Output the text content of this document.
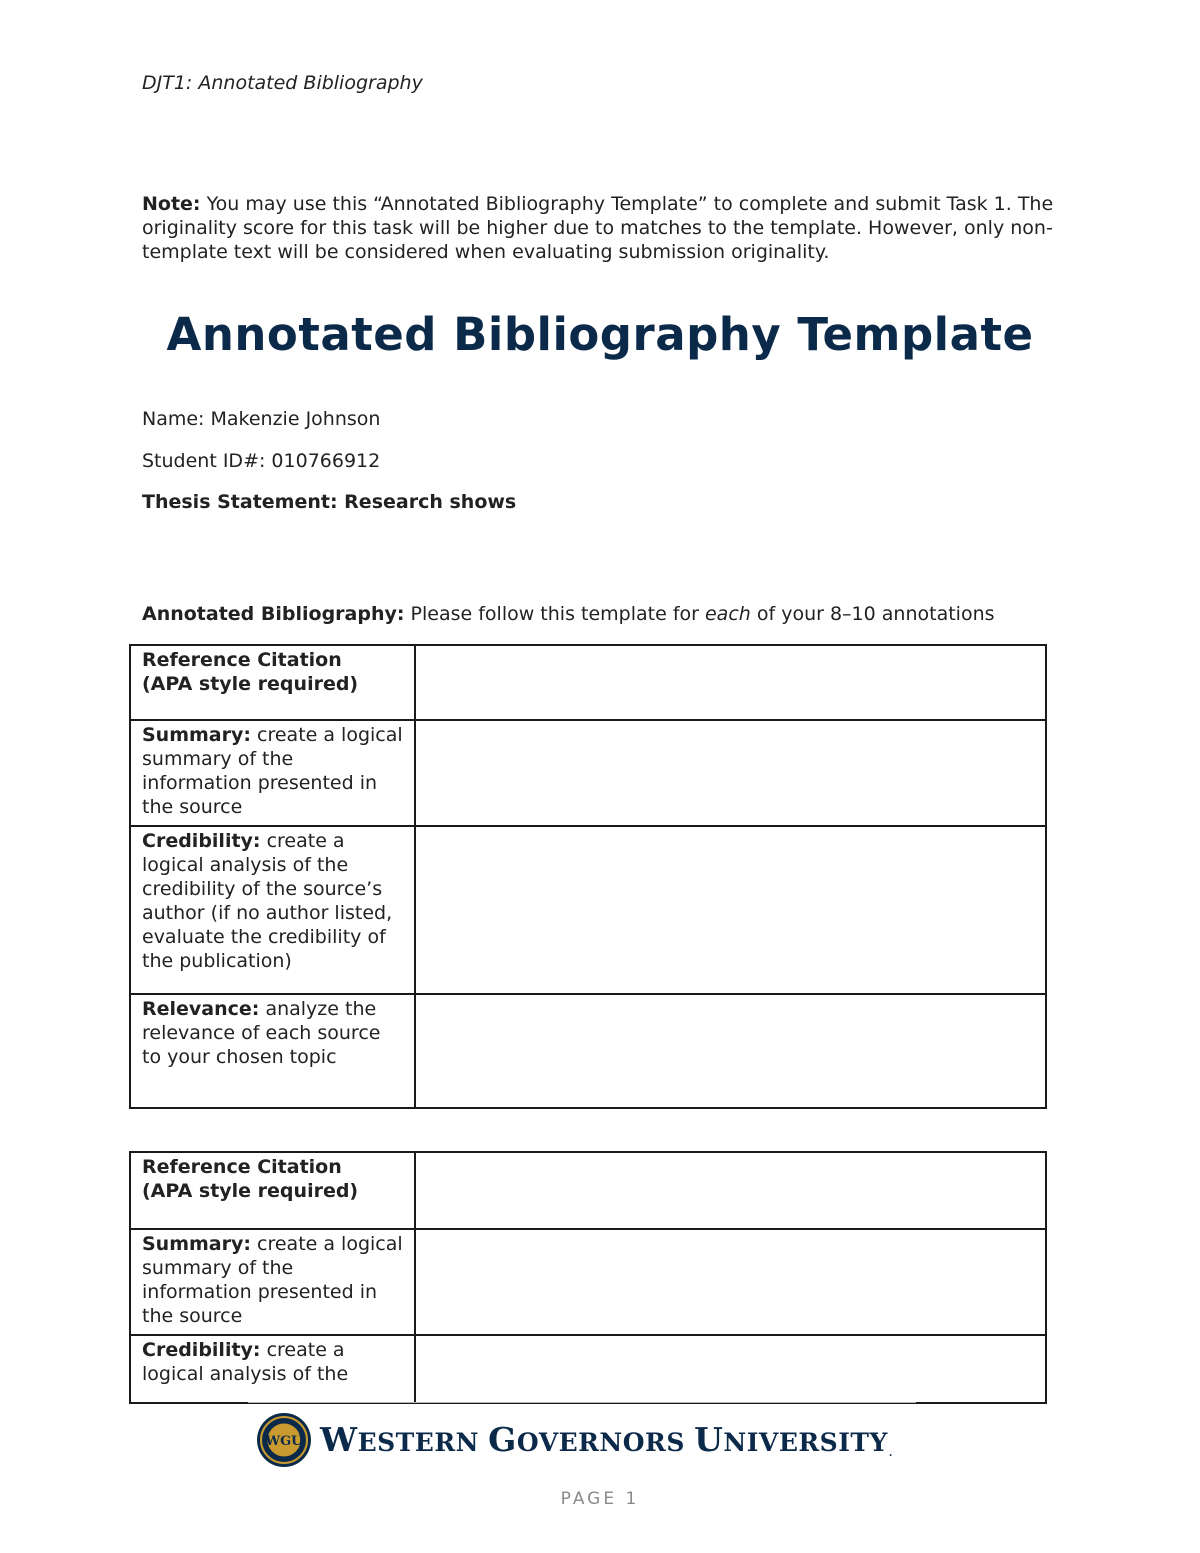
DJT1: Annotated Bibliography
Note: You may use this “Annotated Bibliography Template” to complete and submit Task 1. The originality score for this task will be higher due to matches to the template. However, only non-template text will be considered when evaluating submission originality.
Annotated Bibliography Template
Name: Makenzie Johnson
Student ID#: 010766912
Thesis Statement: Research shows
Annotated Bibliography: Please follow this template for each of your 8–10 annotations
Reference Citation
(APA style required)	
Summary: create a logical summary of the information presented in the source	
Credibility: create a logical analysis of the credibility of the source’s author (if no author listed, evaluate the credibility of the publication)	
Relevance: analyze the relevance of each source to your chosen topic	
Reference Citation
(APA style required)	
Summary: create a logical summary of the information presented in the source	
Credibility: create a logical analysis of the	
WGU WESTERN GOVERNORS UNIVERSITY.
PAGE 1
